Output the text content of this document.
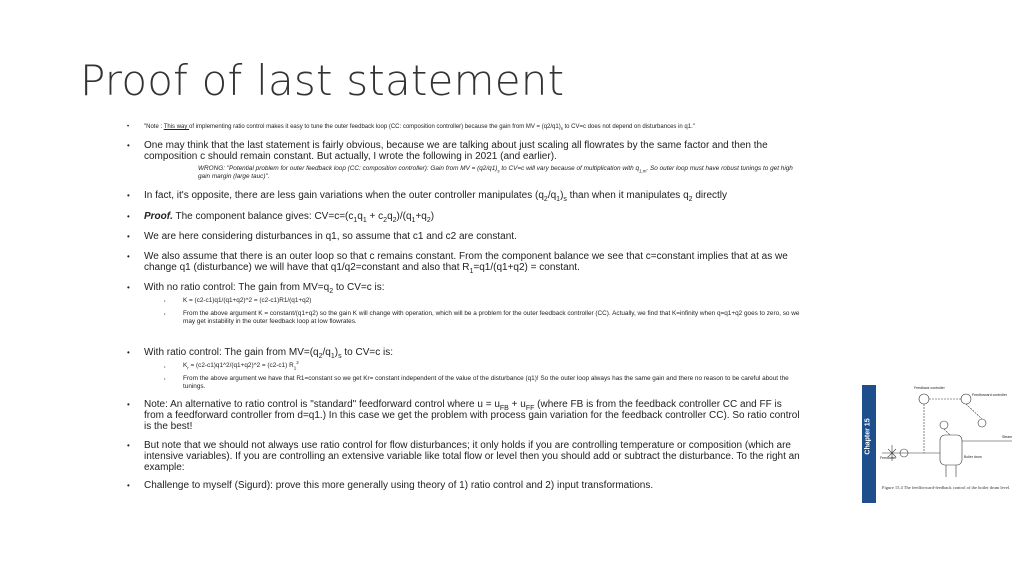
Proof of last statement
• "Note : This way of implementing ratio control makes it easy to tune the outer feedback loop (CC: composition controller) because the gain from MV = $(q2/q1)_s$ to CV=c does not depend on disturbances in q1."
• One may think that the last statement is fairly obvious, because we are talking about just scaling all flowrates by the same factor and then the composition c should remain constant. But actually, I wrote the following in 2021 (and earlier).
WRONG: "Potential problem for outer feedback loop (CC: composition controller): Gain from MV = $(q2/q1)_s$ to CV=c will vary because of multiplication with $q_{1,m}$. So outer loop must have robust tunings to get high gain margin (large tauc)".
• In fact, it's opposite, there are less gain variations when the outer controller manipulates $(q_2/q_1)_s$ than when it manipulates $q_2$ directly
• Proof. The component balance gives: $CV=c=(c_1q_1 + c_2q_2)/(q_1+q_2)$
• We are here considering disturbances in q1, so assume that c1 and c2 are constant.
• We also assume that there is an outer loop so that c remains constant. From the component balance we see that c=constant implies that at as we change q1 (disturbance) we will have that q1/q2=constant and also that $R_1=q1/(q1+q2)$ = constant.
• With no ratio control: The gain from $MV=q_2$ to CV=c is:
•	K = (c2-c1)q1/(q1+q2)^2 = (c2-c1)R1/(q1+q2)
•	From the above argument K = constant/(q1+q2) so the gain K will change with operation, which will be a problem for the outer feedback controller (CC). Actually, we find that K=infinity when q=q1+q2 goes to zero, so we may get instability in the outer feedback loop at low flowrates.
• With ratio control: The gain from $MV=(q_2/q_1)_s$ to CV=c is:
•	$K_r$ = (c2-c1)q1^2/(q1+q2)^2 = (c2-c1) $R_1^2$
•	From the above argument we have that R1=constant so we get Kr= constant independent of the value of the disturbance (q1)! So the outer loop always has the same gain and there no reason to be careful about the tunings.
• Note: An alternative to ratio control is "standard" feedforward control where $u = u_{FB} + u_{FF}$ (where FB is from the feedback controller CC and FF is from a feedforward controller from d=q1.) In this case we get the problem with process gain variation for the feedback controller CC). So ratio control is the best!
• But note that we should not always use ratio control for flow disturbances; it only holds if you are controlling temperature or composition (which are intensive variables). If you are controlling an extensive variable like total flow or level then you should add or subtract the disturbance. To the right an example:
• Challenge to myself (Sigurd): prove this more generally using theory of 1) ratio control and 2) input transformations.
Chapter 15
Feedback controller
Feedforward controller
Feedwater
Steam
Boiler drum
Figure 15.4 The feedforward-feedback control of the boiler drum level.
